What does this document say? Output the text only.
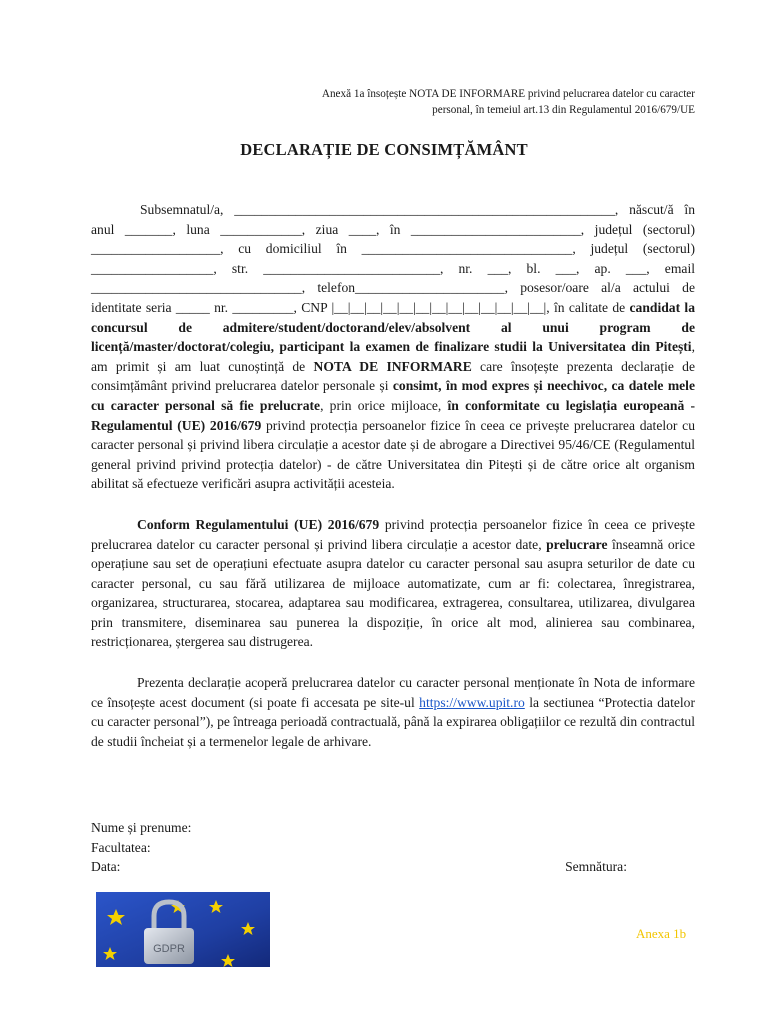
Anexă 1a însoțește NOTA DE INFORMARE privind pelucrarea datelor cu caracter
personal, în temeiul art.13 din Regulamentul 2016/679/UE
DECLARAȚIE DE CONSIMȚĂMÂNT

Subsemnatul/a, ________________________________________________________, născut/ă în anul _______, luna ____________, ziua ____, în _________________________, județul (sectorul) ___________________, cu domiciliul în _______________________________, județul (sectorul) __________________, str. __________________________, nr. ___, bl. ___, ap. ___, email _______________________________, telefon______________________, posesor/oare al/a actului de identitate seria _____ nr. _________, CNP |__|__|__|__|__|__|__|__|__|__|__|__|__|, în calitate de candidat la concursul de admitere/student/doctorand/elev/absolvent al unui program de licență/master/doctorat/colegiu, participant la examen de finalizare studii la Universitatea din Pitești, am primit și am luat cunoștință de NOTA DE INFORMARE care însoțește prezenta declarație de consimțământ privind prelucrarea datelor personale și consimt, în mod expres și neechivoc, ca datele mele cu caracter personal să fie prelucrate, prin orice mijloace, în conformitate cu legislația europeană - Regulamentul (UE) 2016/679 privind protecția persoanelor fizice în ceea ce privește prelucrarea datelor cu caracter personal și privind libera circulație a acestor date și de abrogare a Directivei 95/46/CE (Regulamentul general privind privind protecția datelor) - de către Universitatea din Pitești și de către orice alt organism abilitat să efectueze verificări asupra activității acesteia.

Conform Regulamentului (UE) 2016/679 privind protecția persoanelor fizice în ceea ce privește prelucrarea datelor cu caracter personal și privind libera circulație a acestor date, prelucrare înseamnă orice operațiune sau set de operațiuni efectuate asupra datelor cu caracter personal sau asupra seturilor de date cu caracter personal, cu sau fără utilizarea de mijloace automatizate, cum ar fi: colectarea, înregistrarea, organizarea, structurarea, stocarea, adaptarea sau modificarea, extragerea, consultarea, utilizarea, divulgarea prin transmitere, diseminarea sau punerea la dispoziție, în orice alt mod, alinierea sau combinarea, restricționarea, ștergerea sau distrugerea.

Prezenta declarație acoperă prelucrarea datelor cu caracter personal menționate în Nota de informare ce însoțește acest document (si poate fi accesata pe site-ul https://www.upit.ro la sectiunea “Protectia datelor cu caracter personal”), pe întreaga perioadă contractuală, până la expirarea obligațiilor ce rezultă din contractul de studii încheiat și a termenelor legale de arhivare.

Nume și prenume:
Facultatea:
Data:	Semnătura:
GDPR
Anexa 1b
